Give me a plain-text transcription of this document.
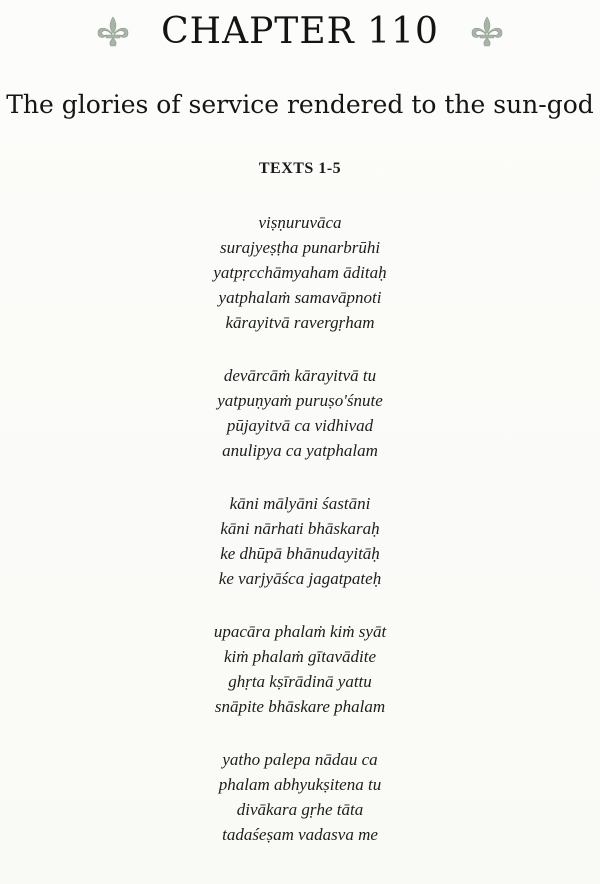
CHAPTER 110
The glories of service rendered to the sun-god
TEXTS 1-5
viṣṇuruvāca
surajyeṣṭha punarbrūhi
yatpṛcchāmyaham āditaḥ
yatphalaṁ samavāpnoti
kārayitvā ravergṛham
devārcāṁ kārayitvā tu
yatpuṇyaṁ puruṣo'śnute
pūjayitvā ca vidhivad
anulipya ca yatphalam
kāni mālyāni śastāni
kāni nārhati bhāskaraḥ
ke dhūpā bhānudayitāḥ
ke varjyāśca jagatpateḥ
upacāra phalaṁ kiṁ syāt
kiṁ phalaṁ gītavādite
ghṛta kṣīrādinā yattu
snāpite bhāskare phalam
yatho palepa nādau ca
phalam abhyukṣitena tu
divākara gṛhe tāta
tadaśeṣam vadasva me
